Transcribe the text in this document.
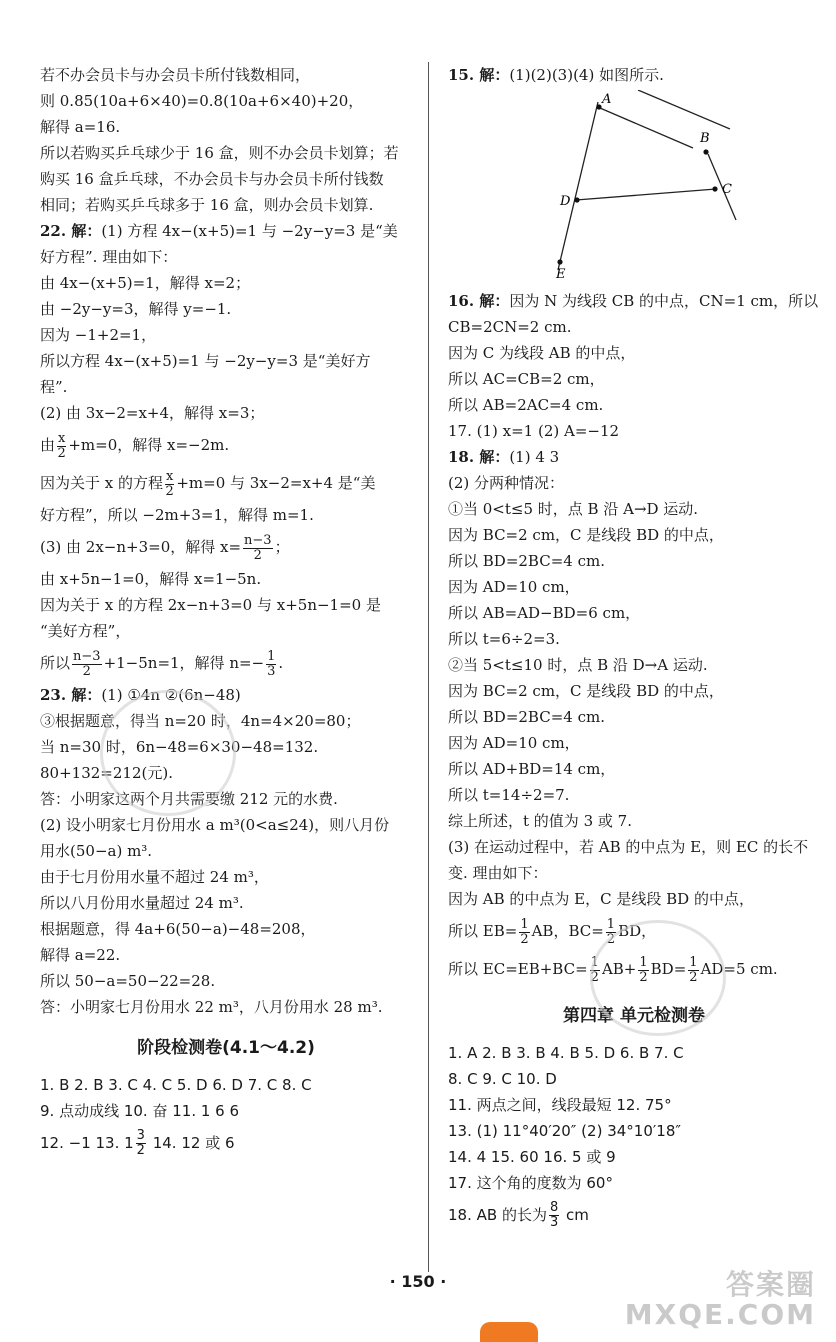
若不办会员卡与办会员卡所付钱数相同，
则 0.85(10a+6×40)=0.8(10a+6×40)+20，
解得 a=16.
所以若购买乒乓球少于 16 盒，则不办会员卡划算；若
购买 16 盒乒乓球，不办会员卡与办会员卡所付钱数
相同；若购买乒乓球多于 16 盒，则办会员卡划算.
22. 解：(1) 方程 4x−(x+5)=1 与 −2y−y=3 是“美
好方程”. 理由如下：
由 4x−(x+5)=1，解得 x=2；
由 −2y−y=3，解得 y=−1.
因为 −1+2=1，
所以方程 4x−(x+5)=1 与 −2y−y=3 是“美好方
程”.
(2) 由 3x−2=x+4，解得 x=3；
由 $\frac{x}{2} +m=0$，解得 x=−2m.
因为关于 x 的方程 $\frac{x}{2} +m=0$ 与 3x−2=x+4 是“美
好方程”，所以 −2m+3=1，解得 m=1.
(3) 由 2x−n+3=0，解得 $x= \frac{n-3}{2}$ ；
由 x+5n−1=0，解得 x=1−5n.
因为关于 x 的方程 2x−n+3=0 与 x+5n−1=0 是
“美好方程”，
所以 $\frac{n-3}{2} +1-5n=1$，解得 $n=- \frac{1}{3}$ .
23. 解：(1) ①4n ②(6n−48)
③根据题意，得当 n=20 时，4n=4×20=80；
当 n=30 时，6n−48=6×30−48=132.
80+132=212(元).
答：小明家这两个月共需要缴 212 元的水费.
(2) 设小明家七月份用水 a m³(0<a≤24)，则八月份
用水(50−a) m³.
由于七月份用水量不超过 24 m³，
所以八月份用水量超过 24 m³.
根据题意，得 4a+6(50−a)−48=208，
解得 a=22.
所以 50−a=50−22=28.
答：小明家七月份用水 22 m³，八月份用水 28 m³.
阶段检测卷(4.1～4.2)
1. B 2. B 3. C 4. C 5. D 6. D 7. C 8. C
9. 点动成线 10. 奋 11. 1 6 6
12. −1 13. $1 \frac{3}{2} 14$. 12 或 6
15. 解：(1)(2)(3)(4) 如图所示.
A
B
C
D
E
16. 解：因为 N 为线段 CB 的中点，CN=1 cm，所以
CB=2CN=2 cm.
因为 C 为线段 AB 的中点，
所以 AC=CB=2 cm，
所以 AB=2AC=4 cm.
17. (1) x=1 (2) A=−12
18. 解：(1) 4 3
(2) 分两种情况：
①当 0<t≤5 时，点 B 沿 A→D 运动.
因为 BC=2 cm，C 是线段 BD 的中点，
所以 BD=2BC=4 cm.
因为 AD=10 cm，
所以 AB=AD−BD=6 cm，
所以 t=6÷2=3.
②当 5<t≤10 时，点 B 沿 D→A 运动.
因为 BC=2 cm，C 是线段 BD 的中点，
所以 BD=2BC=4 cm.
因为 AD=10 cm，
所以 AD+BD=14 cm，
所以 t=14÷2=7.
综上所述，t 的值为 3 或 7.
(3) 在运动过程中，若 AB 的中点为 E，则 EC 的长不
变. 理由如下：
因为 AB 的中点为 E，C 是线段 BD 的中点，
所以 $EB= \frac{1}{2}$ AB，$BC= \frac{1}{2}$ BD，
所以 $EC=EB+BC= \frac{1}{2} AB+ \frac{1}{2} BD= \frac{1}{2} AD=5$ cm.
第四章 单元检测卷
1. A 2. B 3. B 4. B 5. D 6. B 7. C
8. C 9. C 10. D
11. 两点之间，线段最短 12. 75°
13. (1) 11°40′20″ (2) 34°10′18″
14. 4 15. 60 16. 5 或 9
17. 这个角的度数为 60°
18. AB 的长为 $\frac{8}{3}$ cm
· 150 ·	答案圈
MXQE.COM
